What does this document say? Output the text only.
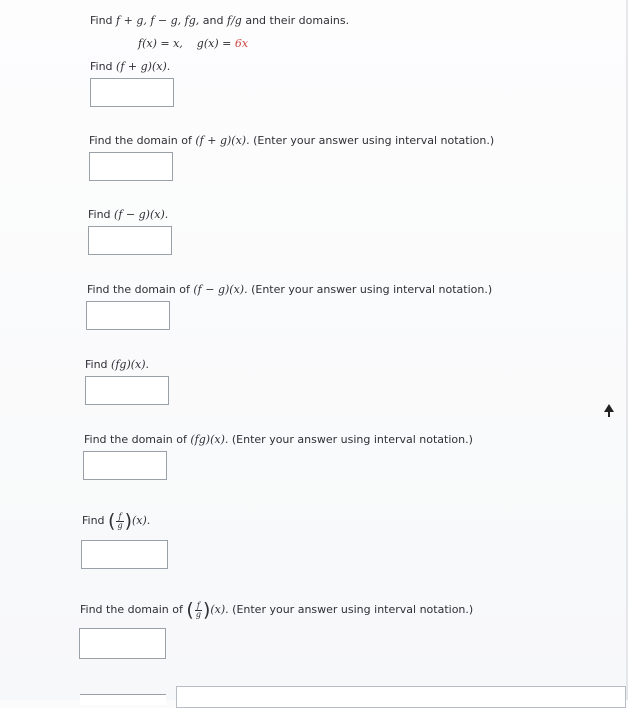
Find f + g, f − g, fg, and f/g and their domains.
f(x) = x, g(x) = 6x
Find (f + g)(x).
Find the domain of (f + g)(x). (Enter your answer using interval notation.)
Find (f − g)(x).
Find the domain of (f − g)(x). (Enter your answer using interval notation.)
Find (fg)(x).
Find the domain of (fg)(x). (Enter your answer using interval notation.)
Find ( $\frac{f}{g} )(x)$.
Find the domain of ( $\frac{f}{g} )(x)$. (Enter your answer using interval notation.)
